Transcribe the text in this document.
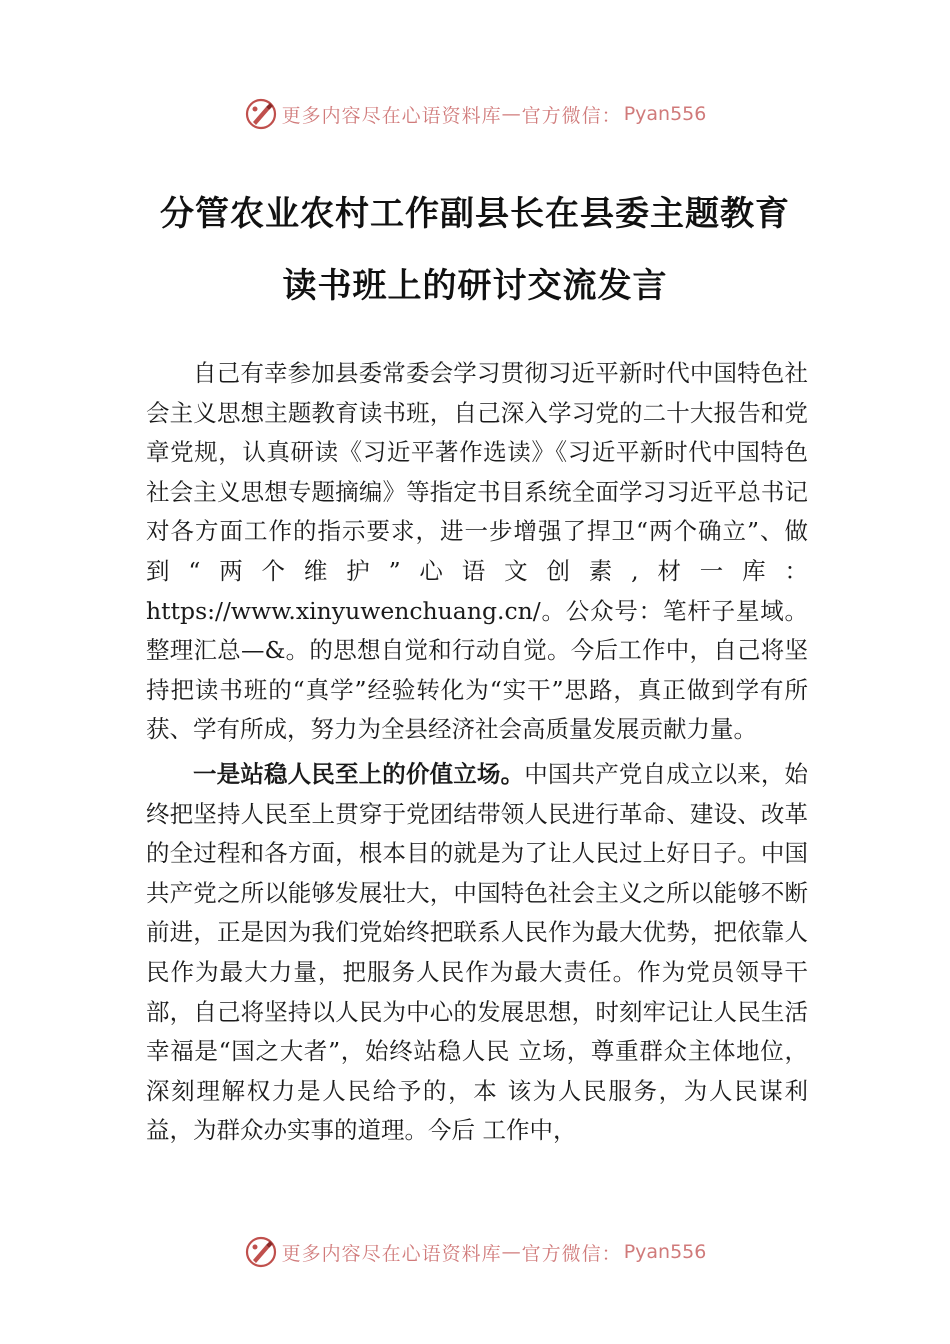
更多内容尽在心语资料库 — 官方微信： Pyan556
分管农业农村工作副县长在县委主题教育
读书班上的研讨交流发言

自己有幸参加县委常委会学习贯彻习近平新时代中国特色社会主义思想主题教育读书班，自己深入学习党的二十大报告和党章党规，认真研读《习近平著作选读》《习近平新时代中国特色社会主义思想专题摘编》等指定书目系统全面学习习近平总书记对各方面工作的指示要求，进一步增强了捍卫“两个确立”、做到“两个维护”心语文创素,材一库：https://www.xinyuwenchuang.cn/。公众号：笔杆子星域。整理汇总—&。的思想自觉和行动自觉。今后工作中，自己将坚持把读书班的“真学”经验转化为“实干”思路，真正做到学有所获、学有所成，努力为全县经济社会高质量发展贡献力量。

一是站稳人民至上的价值立场。中国共产党自成立以来，始终把坚持人民至上贯穿于党团结带领人民进行革命、建设、改革的全过程和各方面，根本目的就是为了让人民过上好日子。中国共产党之所以能够发展壮大，中国特色社会主义之所以能够不断前进，正是因为我们党始终把联系人民作为最大优势，把依靠人民作为最大力量，把服务人民作为最大责任。作为党员领导干部，自己将坚持以人民为中心的发展思想，时刻牢记让人民生活幸福是“国之大者”，始终站稳人民 立场，尊重群众主体地位，深刻理解权力是人民给予的，本 该为人民服务，为人民谋利益，为群众办实事的道理。今后 工作中，

更多内容尽在心语资料库 — 官方微信： Pyan556
